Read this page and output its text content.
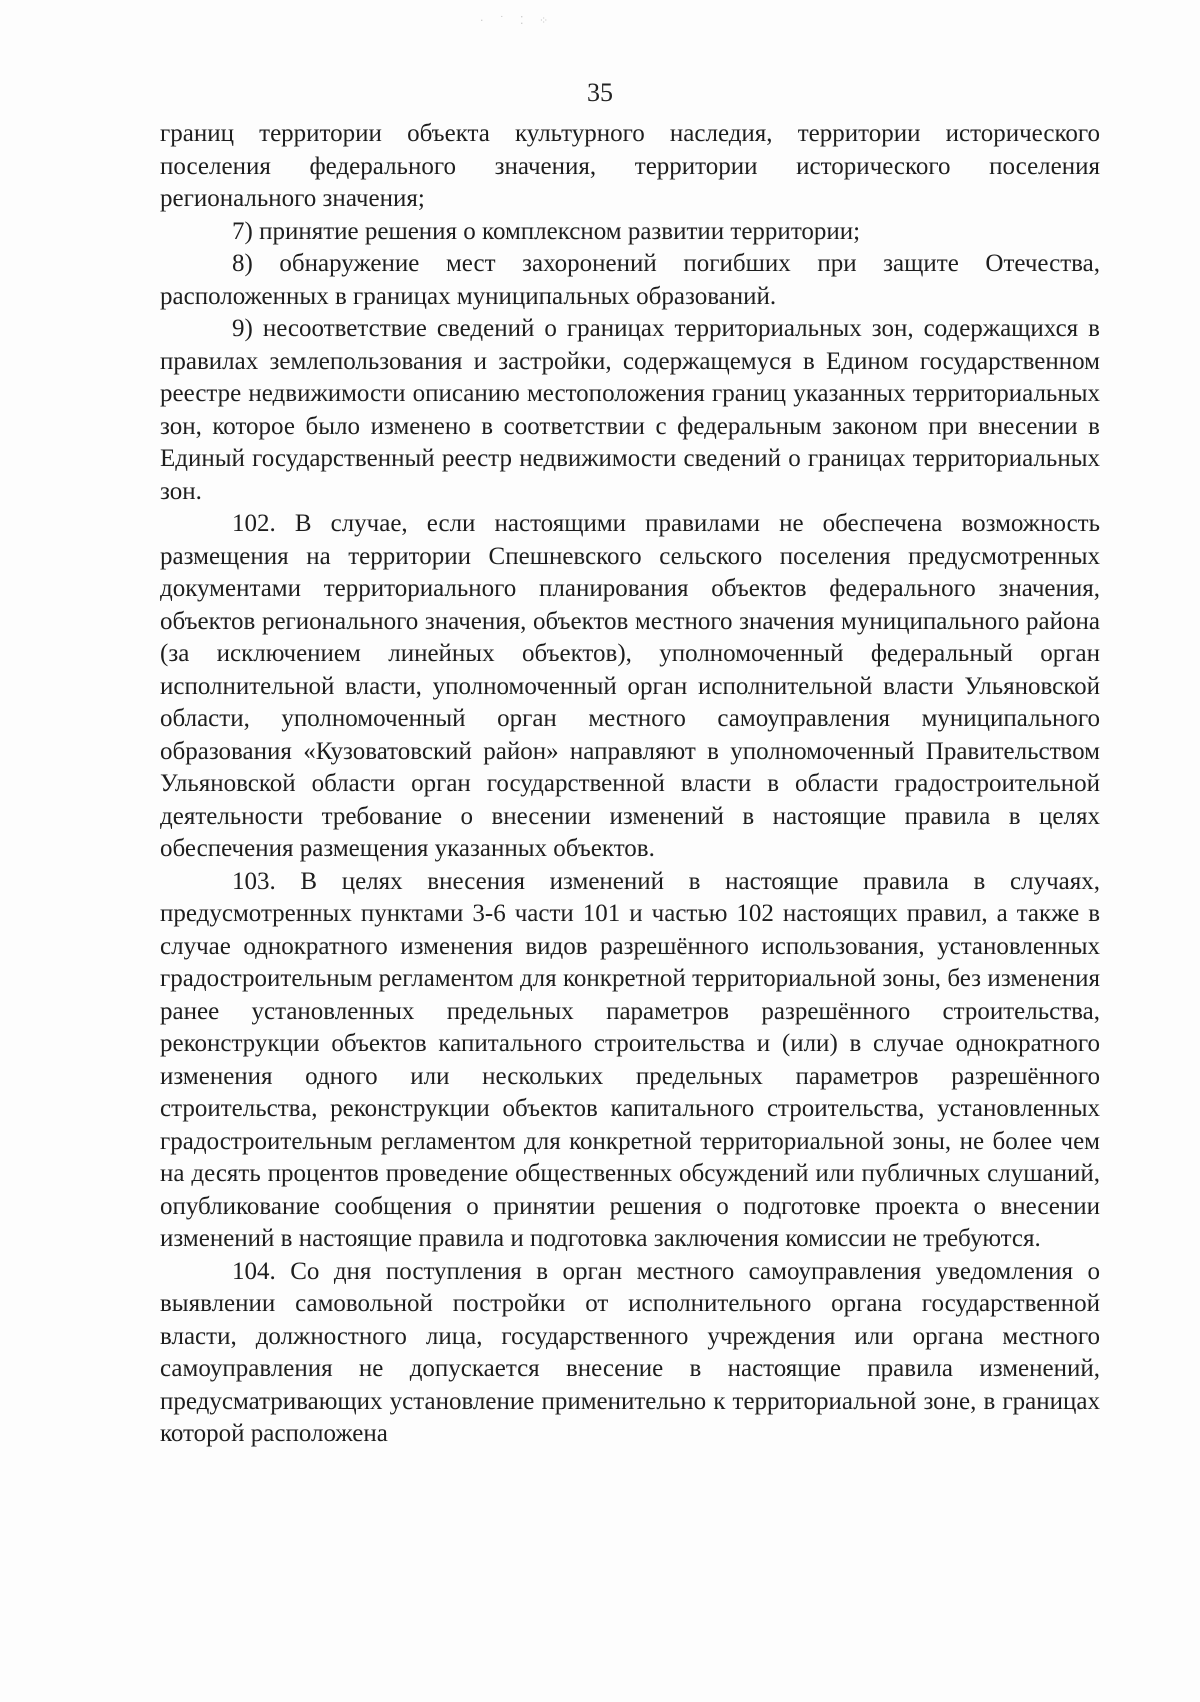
· ˙ ⁚ ⁘
35

границ территории объекта культурного наследия, территории исторического поселения федерального значения, территории исторического поселения регионального значения;

7) принятие решения о комплексном развитии территории;

8) обнаружение мест захоронений погибших при защите Отечества, расположенных в границах муниципальных образований.

9) несоответствие сведений о границах территориальных зон, содержащихся в правилах землепользования и застройки, содержащемуся в Едином государственном реестре недвижимости описанию местоположения границ указанных территориальных зон, которое было изменено в соответствии с федеральным законом при внесении в Единый государственный реестр недвижимости сведений о границах территориальных зон.

102. В случае, если настоящими правилами не обеспечена возможность размещения на территории Спешневского сельского поселения предусмотренных документами территориального планирования объектов федерального значения, объектов регионального значения, объектов местного значения муниципального района (за исключением линейных объектов), уполномоченный федеральный орган исполнительной власти, уполномоченный орган исполнительной власти Ульяновской области, уполномоченный орган местного самоуправления муниципального образования «Кузоватовский район» направляют в уполномоченный Правительством Ульяновской области орган государственной власти в области градостроительной деятельности требование о внесении изменений в настоящие правила в целях обеспечения размещения указанных объектов.

103. В целях внесения изменений в настоящие правила в случаях, предусмотренных пунктами 3-6 части 101 и частью 102 настоящих правил, а также в случае однократного изменения видов разрешённого использования, установленных градостроительным регламентом для конкретной территориальной зоны, без изменения ранее установленных предельных параметров разрешённого строительства, реконструкции объектов капитального строительства и (или) в случае однократного изменения одного или нескольких предельных параметров разрешённого строительства, реконструкции объектов капитального строительства, установленных градостроительным регламентом для конкретной территориальной зоны, не более чем на десять процентов проведение общественных обсуждений или публичных слушаний, опубликование сообщения о принятии решения о подготовке проекта о внесении изменений в настоящие правила и подготовка заключения комиссии не требуются.

104. Со дня поступления в орган местного самоуправления уведомления о выявлении самовольной постройки от исполнительного органа государственной власти, должностного лица, государственного учреждения или органа местного самоуправления не допускается внесение в настоящие правила изменений, предусматривающих установление применительно к территориальной зоне, в границах которой расположена
